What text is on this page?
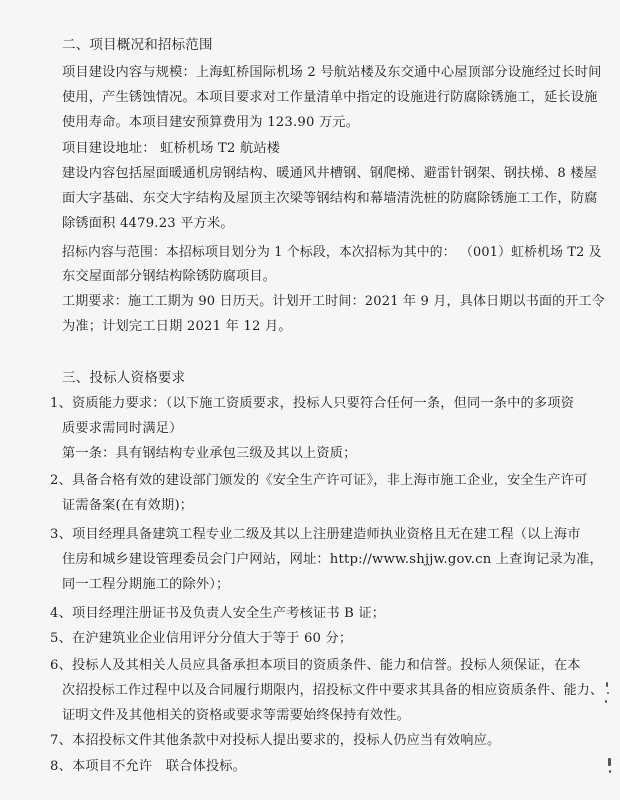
二、项目概况和招标范围
项目建设内容与规模：上海虹桥国际机场 2 号航站楼及东交通中心屋顶部分设施经过长时间
使用，产生锈蚀情况。本项目要求对工作量清单中指定的设施进行防腐除锈施工，延长设施
使用寿命。本项目建安预算费用为 123.90 万元。
项目建设地址： 虹桥机场 T2 航站楼
建设内容包括屋面暖通机房钢结构、暖通风井槽钢、钢爬梯、避雷针钢架、钢扶梯、8 楼屋
面大字基础、东交大字结构及屋顶主次梁等钢结构和幕墙清洗桩的防腐除锈施工工作，防腐
除锈面积 4479.23 平方米。
招标内容与范围：本招标项目划分为 1 个标段，本次招标为其中的： （001）虹桥机场 T2 及
东交屋面部分钢结构除锈防腐项目。
工期要求：施工工期为 90 日历天。计划开工时间：2021 年 9 月，具体日期以书面的开工令
为准；计划完工日期 2021 年 12 月。
三、投标人资格要求
1、资质能力要求：（以下施工资质要求，投标人只要符合任何一条，但同一条中的多项资
质要求需同时满足）
第一条：具有钢结构专业承包三级及其以上资质；
2、具备合格有效的建设部门颁发的《安全生产许可证》，非上海市施工企业，安全生产许可
证需备案(在有效期)；
3、项目经理具备建筑工程专业二级及其以上注册建造师执业资格且无在建工程（以上海市
住房和城乡建设管理委员会门户网站，网址：http://www.shjjw.gov.cn 上查询记录为准，
同一工程分期施工的除外）；
4、项目经理注册证书及负责人安全生产考核证书 B 证；
5、在沪建筑业企业信用评分分值大于等于 60 分；
6、投标人及其相关人员应具备承担本项目的资质条件、能力和信誉。投标人须保证，在本
次招投标工作过程中以及合同履行期限内，招投标文件中要求其具备的相应资质条件、能力、
证明文件及其他相关的资格或要求等需要始终保持有效性。
7、本招投标文件其他条款中对投标人提出要求的，投标人仍应当有效响应。
8、本项目不允许　联合体投标。
